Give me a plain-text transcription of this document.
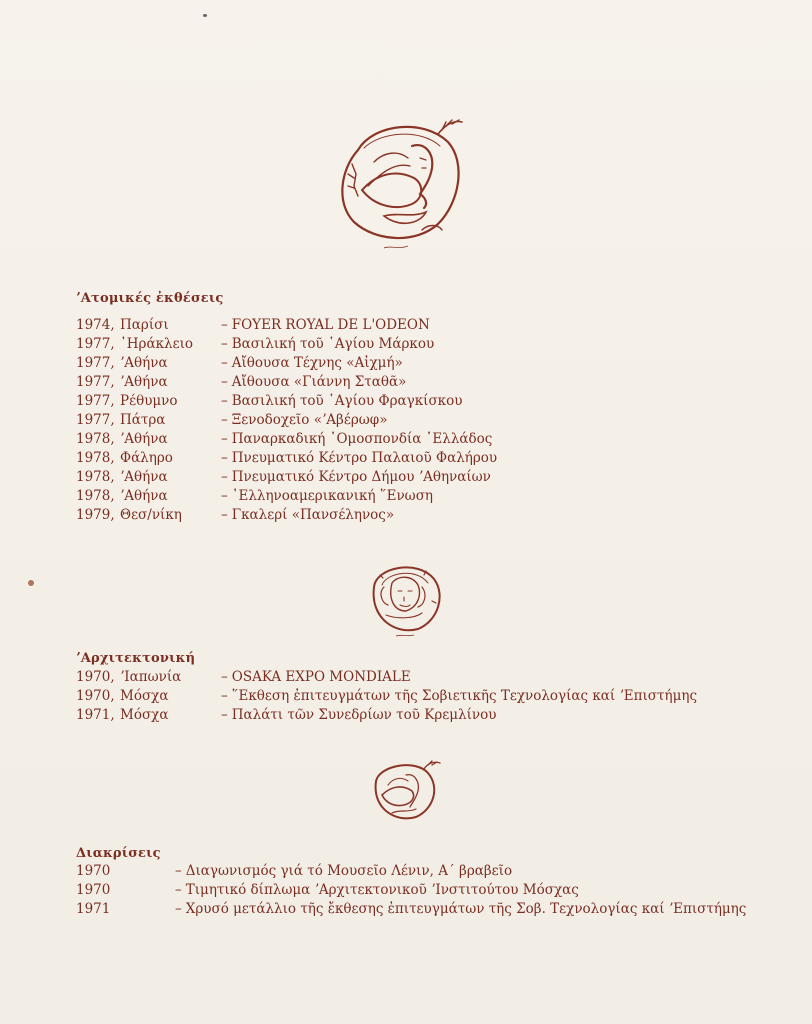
ʼΑτομικές ἐκθέσεις
1974, Παρίσι	– FOYER ROYAL DE L'ODEON
1977, ῾Ηράκλειο	– Βασιλική τοῦ ῾Αγίου Μάρκου
1977, ʼΑθήνα	– Αἴθουσα Τέχνης «Αἰχμή»
1977, ʼΑθήνα	– Αἴθουσα «Γιάννη Σταθᾶ»
1977, Ρέθυμνο	– Βασιλική τοῦ ῾Αγίου Φραγκίσκου
1977, Πάτρα	– Ξενοδοχεῖο «ʼΑβέρωφ»
1978, ʼΑθήνα	– Παναρκαδική ῾Ομοσπονδία ῾Ελλάδος
1978, Φάληρο	– Πνευματικό Κέντρο Παλαιοῦ Φαλήρου
1978, ʼΑθήνα	– Πνευματικό Κέντρο Δήμου ʼΑθηναίων
1978, ʼΑθήνα	– ῾Ελληνοαμερικανική ῞Ενωση
1979, Θεσ/νίκη	– Γκαλερί «Πανσέληνος»
ʼΑρχιτεκτονική
1970, ʼΙαπωνία	– OSAKA EXPO MONDIALE
1970, Μόσχα	– ῞Εκθεση ἐπιτευγμάτων τῆς Σοβιετικῆς Τεχνολογίας καί ʼΕπιστήμης
1971, Μόσχα	– Παλάτι τῶν Συνεδρίων τοῦ Κρεμλίνου
Διακρίσεις
1970	– Διαγωνισμός γιά τό Μουσεῖο Λένιν, Α΄ βραβεῖο
1970	– Τιμητικό δίπλωμα ʼΑρχιτεκτονικοῦ ʼΙνστιτούτου Μόσχας
1971	– Χρυσό μετάλλιο τῆς ἔκθεσης ἐπιτευγμάτων τῆς Σοβ. Τεχνολογίας καί ʼΕπιστήμης
